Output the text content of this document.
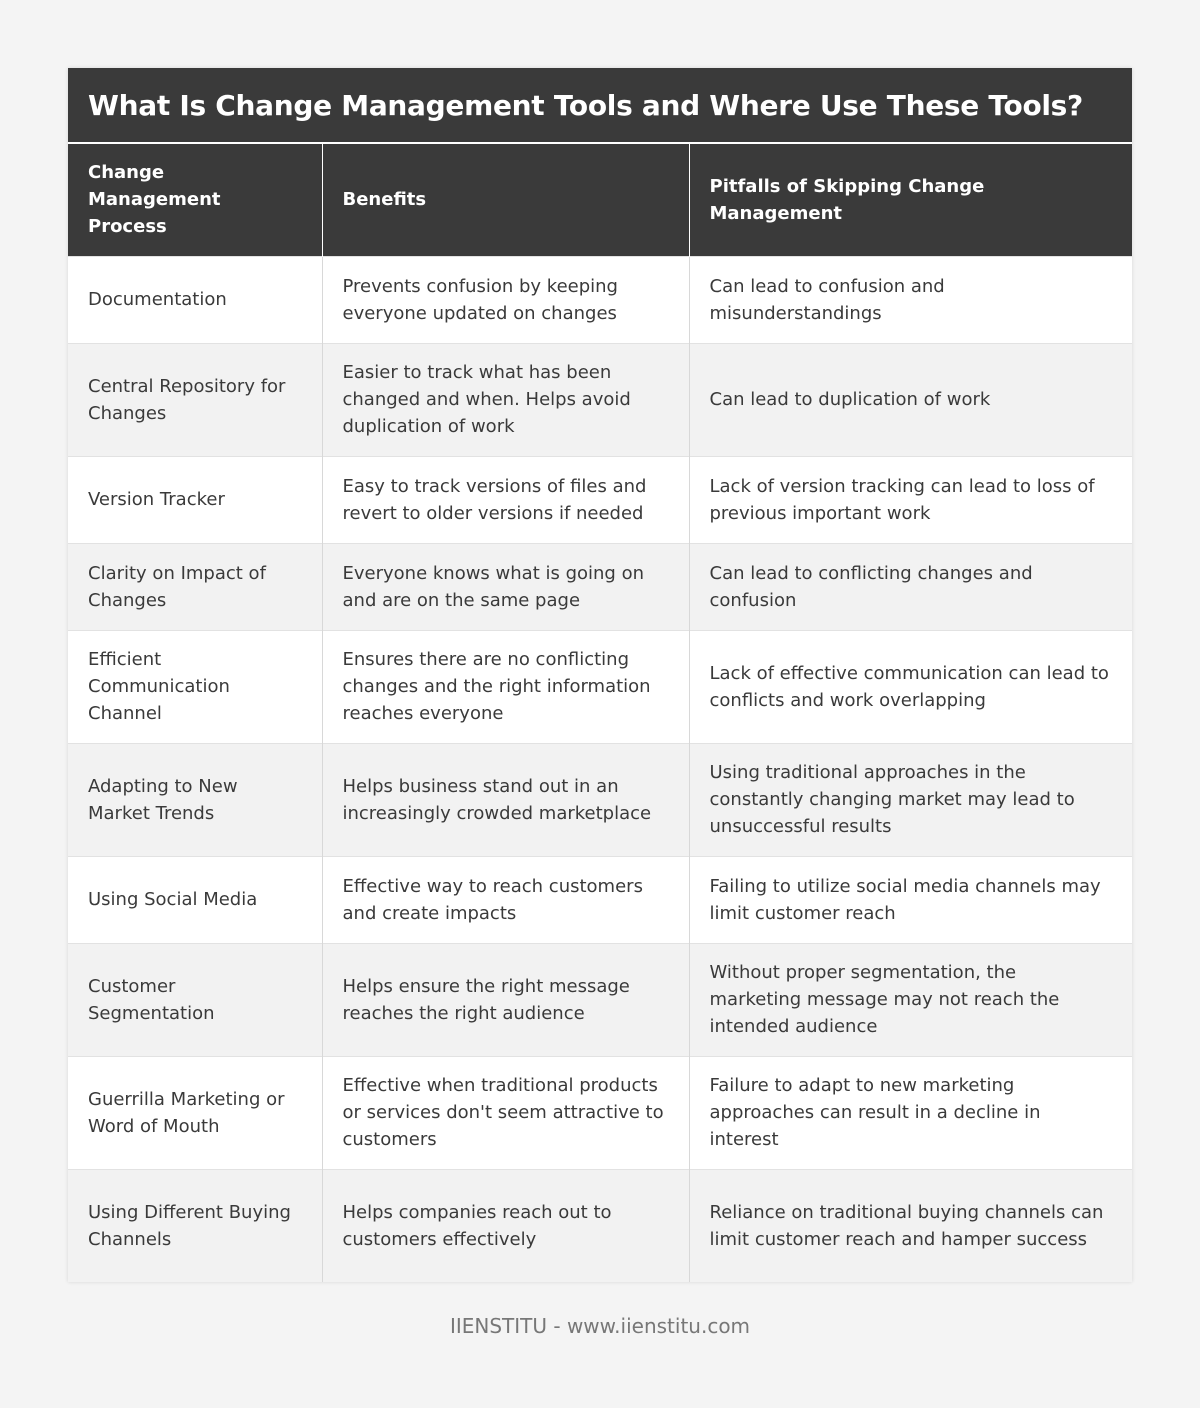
What Is Change Management Tools and Where Use These Tools?
Change Management Process	Benefits	Pitfalls of Skipping Change Management
Documentation	Prevents confusion by keeping everyone updated on changes	Can lead to confusion and misunderstandings
Central Repository for Changes	Easier to track what has been changed and when. Helps avoid duplication of work	Can lead to duplication of work
Version Tracker	Easy to track versions of files and revert to older versions if needed	Lack of version tracking can lead to loss of previous important work
Clarity on Impact of Changes	Everyone knows what is going on and are on the same page	Can lead to conflicting changes and confusion
Efficient Communication Channel	Ensures there are no conflicting changes and the right information reaches everyone	Lack of effective communication can lead to conflicts and work overlapping
Adapting to New Market Trends	Helps business stand out in an increasingly crowded marketplace	Using traditional approaches in the constantly changing market may lead to unsuccessful results
Using Social Media	Effective way to reach customers and create impacts	Failing to utilize social media channels may limit customer reach
Customer Segmentation	Helps ensure the right message reaches the right audience	Without proper segmentation, the marketing message may not reach the intended audience
Guerrilla Marketing or Word of Mouth	Effective when traditional products or services don't seem attractive to customers	Failure to adapt to new marketing approaches can result in a decline in interest
Using Different Buying Channels	Helps companies reach out to customers effectively	Reliance on traditional buying channels can limit customer reach and hamper success
IIENSTITU - www.iienstitu.com
